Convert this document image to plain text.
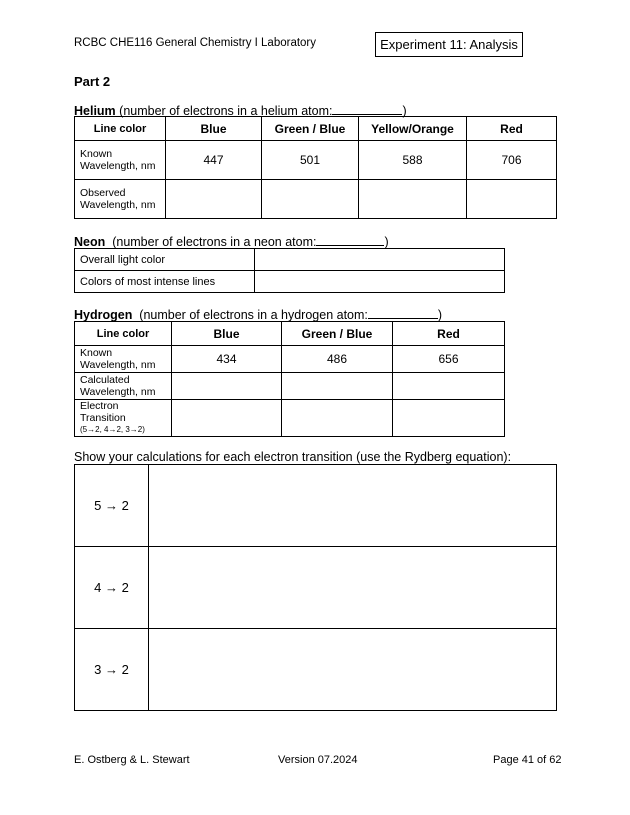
RCBC CHE116 General Chemistry I Laboratory	Experiment 11: Analysis
Part 2
Helium (number of electrons in a helium atom:	)
Line color	Blue	Green / Blue	Yellow/Orange	Red
Known Wavelength, nm	447	501	588	706
Observed Wavelength, nm				
Neon (number of electrons in a neon atom:	)
Overall light color	
Colors of most intense lines	
Hydrogen (number of electrons in a hydrogen atom:	)
Line color	Blue	Green / Blue	Red
Known Wavelength, nm	434	486	656
Calculated Wavelength, nm			

Electron Transition
(5→2, 4→2, 3→2)			

Show your calculations for each electron transition (use the Rydberg equation):
5 → 2	
4 → 2	
3 → 2	
E. Ostberg & L. Stewart	Version 07.2024	Page 41 of 62
